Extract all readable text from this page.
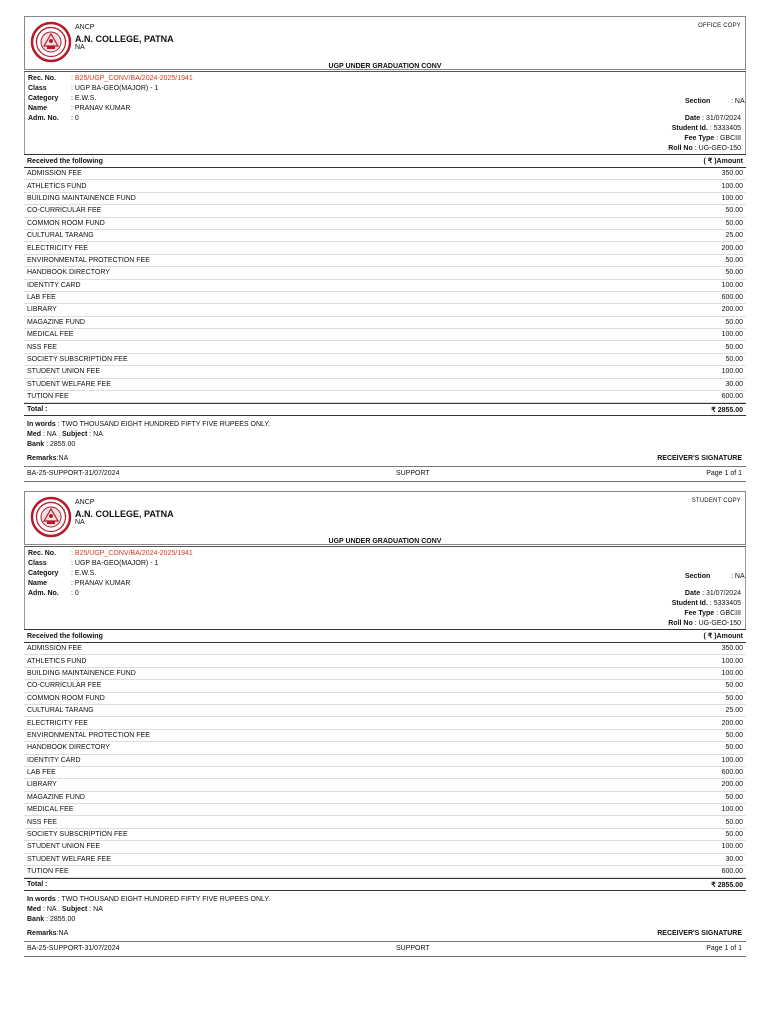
ANCP
A.N. COLLEGE, PATNA
NA
OFFICE COPY
UGP UNDER GRADUATION CONV
Rec. No. : B25/UGP_CONV/BA/2024-2025/1941
Class	: UGP BA-GEO(MAJOR) - 1
Category : E.W.S.
Name	: PRANAV KUMAR
Adm. No. : 0
Section	: NA
Date : 31/07/2024
Student Id. : 5333405
Fee Type : GBCIII
Roll No : UG-GEO-150
Received the following	( ₹ )Amount
ADMISSION FEE	350.00
ATHLETICS FUND	100.00
BUILDING MAINTAINENCE FUND	100.00
CO-CURRICULAR FEE	50.00
COMMON ROOM FUND	50.00
CULTURAL TARANG	25.00
ELECTRICITY FEE	200.00
ENVIRONMENTAL PROTECTION FEE	50.00
HANDBOOK DIRECTORY	50.00
IDENTITY CARD	100.00
LAB FEE	600.00
LIBRARY	200.00
MAGAZINE FUND	50.00
MEDICAL FEE	100.00
NSS FEE	50.00
SOCIETY SUBSCRIPTION FEE	50.00
STUDENT UNION FEE	100.00
STUDENT WELFARE FEE	30.00
TUTION FEE	600.00
Total :	₹ 2855.00
In words : TWO THOUSAND EIGHT HUNDRED FIFTY FIVE RUPEES ONLY.
Med : NA . Subject : NA
Bank : 2855.00
Remarks:NA	RECEIVER'S SIGNATURE
BA-25-SUPPORT-31/07/2024	SUPPORT	Page 1 of 1
ANCP
A.N. COLLEGE, PATNA
NA
STUDENT COPY
UGP UNDER GRADUATION CONV
Rec. No. : B25/UGP_CONV/BA/2024-2025/1941
Class	: UGP BA-GEO(MAJOR) - 1
Category : E.W.S.
Name	: PRANAV KUMAR
Adm. No. : 0
Section	: NA
Date : 31/07/2024
Student Id. : 5333405
Fee Type : GBCIII
Roll No : UG-GEO-150
Received the following	( ₹ )Amount
ADMISSION FEE	350.00
ATHLETICS FUND	100.00
BUILDING MAINTAINENCE FUND	100.00
CO-CURRICULAR FEE	50.00
COMMON ROOM FUND	50.00
CULTURAL TARANG	25.00
ELECTRICITY FEE	200.00
ENVIRONMENTAL PROTECTION FEE	50.00
HANDBOOK DIRECTORY	50.00
IDENTITY CARD	100.00
LAB FEE	600.00
LIBRARY	200.00
MAGAZINE FUND	50.00
MEDICAL FEE	100.00
NSS FEE	50.00
SOCIETY SUBSCRIPTION FEE	50.00
STUDENT UNION FEE	100.00
STUDENT WELFARE FEE	30.00
TUTION FEE	600.00
Total :	₹ 2855.00
In words : TWO THOUSAND EIGHT HUNDRED FIFTY FIVE RUPEES ONLY.
Med : NA . Subject : NA
Bank : 2855.00
Remarks:NA	RECEIVER'S SIGNATURE
BA-25-SUPPORT-31/07/2024	SUPPORT	Page 1 of 1
